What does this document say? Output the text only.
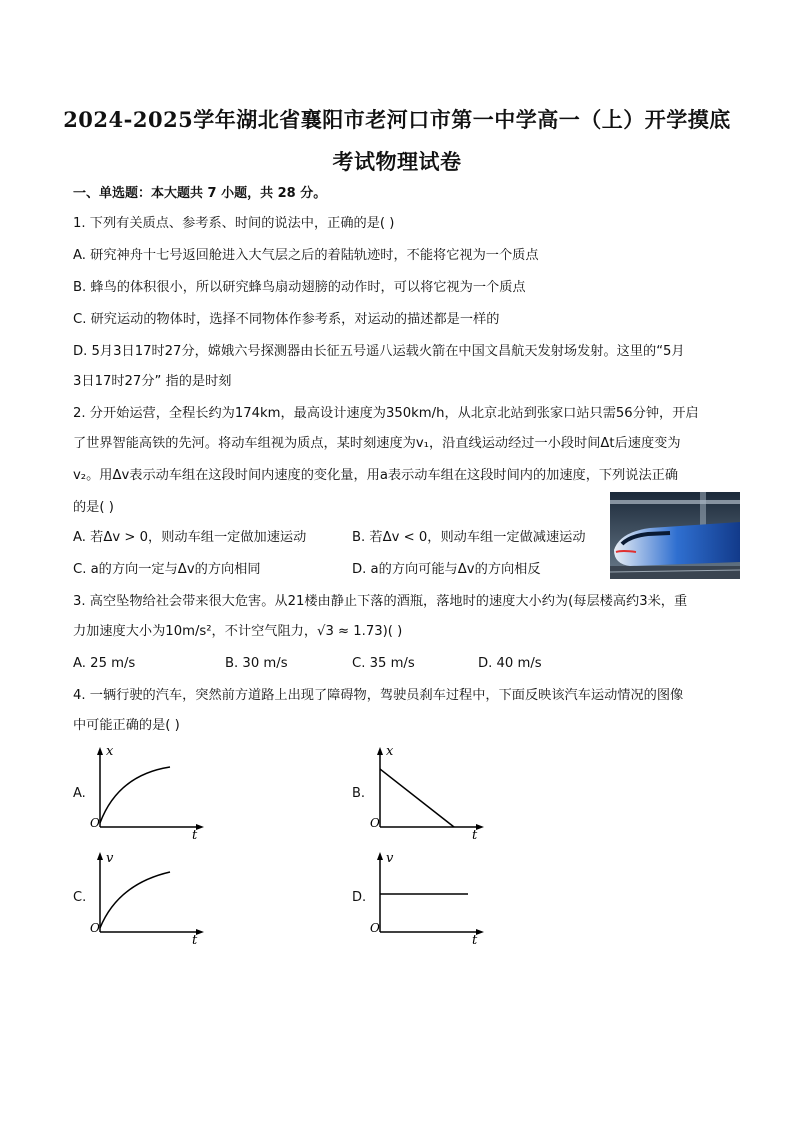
2024-2025学年湖北省襄阳市老河口市第一中学高一（上）开学摸底
考试物理试卷
一、单选题：本大题共 7 小题，共 28 分。
1. 下列有关质点、参考系、时间的说法中，正确的是( )
A. 研究神舟十七号返回舱进入大气层之后的着陆轨迹时，不能将它视为一个质点
B. 蜂鸟的体积很小，所以研究蜂鸟扇动翅膀的动作时，可以将它视为一个质点
C. 研究运动的物体时，选择不同物体作参考系，对运动的描述都是一样的
D. 5月3日17时27分，嫦娥六号探测器由长征五号遥八运载火箭在中国文昌航天发射场发射。这里的“5月
3日17时27分” 指的是时刻
2. 分开始运营，全程长约为174km，最高设计速度为350km/h，从北京北站到张家口站只需56分钟，开启
了世界智能高铁的先河。将动车组视为质点，某时刻速度为v₁，沿直线运动经过一小段时间Δt后速度变为
v₂。用Δv表示动车组在这段时间内速度的变化量，用a表示动车组在这段时间内的加速度，下列说法正确
的是( )
A. 若Δv > 0，则动车组一定做加速运动	B. 若Δv < 0，则动车组一定做减速运动
C. a的方向一定与Δv的方向相同	D. a的方向可能与Δv的方向相反
3. 高空坠物给社会带来很大危害。从21楼由静止下落的酒瓶，落地时的速度大小约为(每层楼高约3米，重
力加速度大小为10m/s²，不计空气阻力，√3 ≈ 1.73)( )
A. 25 m/s	B. 30 m/s	C. 35 m/s	D. 40 m/s
4. 一辆行驶的汽车，突然前方道路上出现了障碍物，驾驶员刹车过程中，下面反映该汽车运动情况的图像
中可能正确的是( )
A.
x
t
O
B.
x
t
O
C.
v
t
O
D.
v
t
O
